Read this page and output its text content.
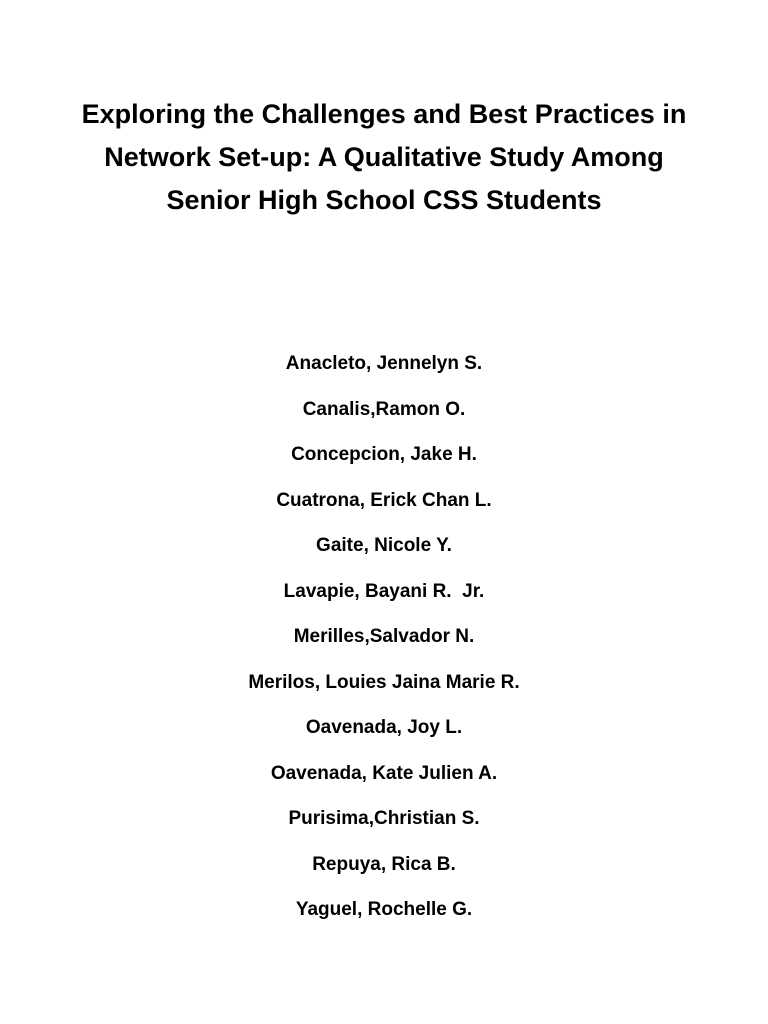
Exploring the Challenges and Best Practices in
Network Set-up: A Qualitative Study Among
Senior High School CSS Students
Anacleto, Jennelyn S.
Canalis,Ramon O.
Concepcion, Jake H.
Cuatrona, Erick Chan L.
Gaite, Nicole Y.
Lavapie, Bayani R.  Jr.
Merilles,Salvador N.
Merilos, Louies Jaina Marie R.
Oavenada, Joy L.
Oavenada, Kate Julien A.
Purisima,Christian S.
Repuya, Rica B.
Yaguel, Rochelle G.
